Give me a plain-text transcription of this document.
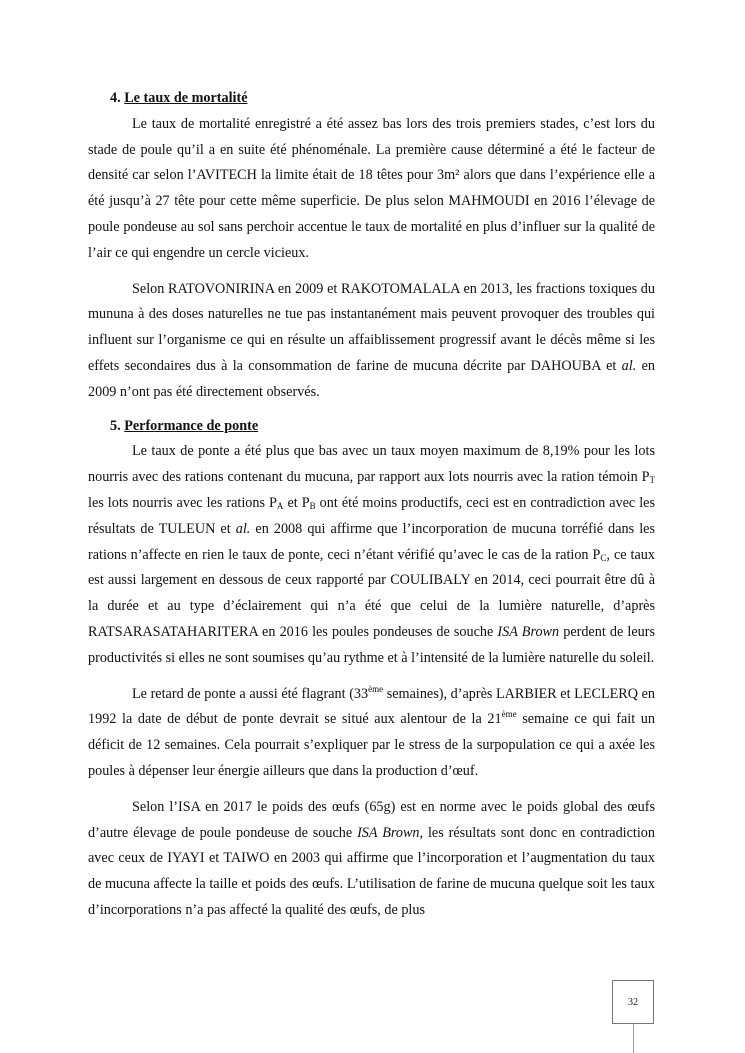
4. Le taux de mortalité

Le taux de mortalité enregistré a été assez bas lors des trois premiers stades, c’est lors du stade de poule qu’il a en suite été phénoménale. La première cause déterminé a été le facteur de densité car selon l’AVITECH la limite était de 18 têtes pour 3m² alors que dans l’expérience elle a été jusqu’à 27 tête pour cette même superficie. De plus selon MAHMOUDI en 2016 l’élevage de poule pondeuse au sol sans perchoir accentue le taux de mortalité en plus d’influer sur la qualité de l’air ce qui engendre un cercle vicieux.

Selon RATOVONIRINA en 2009 et RAKOTOMALALA en 2013, les fractions toxiques du mununa à des doses naturelles ne tue pas instantanément mais peuvent provoquer des troubles qui influent sur l’organisme ce qui en résulte un affaiblissement progressif avant le décès même si les effets secondaires dus à la consommation de farine de mucuna décrite par DAHOUBA et al. en 2009 n’ont pas été directement observés.

5. Performance de ponte

Le taux de ponte a été plus que bas avec un taux moyen maximum de 8,19% pour les lots nourris avec des rations contenant du mucuna, par rapport aux lots nourris avec la ration témoin $P_T$ les lots nourris avec les rations $P_A$ et $P_B$ ont été moins productifs, ceci est en contradiction avec les résultats de TULEUN et al. en 2008 qui affirme que l’incorporation de mucuna torréfié dans les rations n’affecte en rien le taux de ponte, ceci n’étant vérifié qu’avec le cas de la ration $P_C$, ce taux est aussi largement en dessous de ceux rapporté par COULIBALY en 2014, ceci pourrait être dû à la durée et au type d’éclairement qui n’a été que celui de la lumière naturelle, d’après RATSARASATAHARITERA en 2016 les poules pondeuses de souche ISA Brown perdent de leurs productivités si elles ne sont soumises qu’au rythme et à l’intensité de la lumière naturelle du soleil.

Le retard de ponte a aussi été flagrant (33ème semaines), d’après LARBIER et LECLERQ en 1992 la date de début de ponte devrait se situé aux alentour de la 21ème semaine ce qui fait un déficit de 12 semaines. Cela pourrait s’expliquer par le stress de la surpopulation ce qui a axée les poules à dépenser leur énergie ailleurs que dans la production d’œuf.

Selon l’ISA en 2017 le poids des œufs (65g) est en norme avec le poids global des œufs d’autre élevage de poule pondeuse de souche ISA Brown, les résultats sont donc en contradiction avec ceux de IYAYI et TAIWO en 2003 qui affirme que l’incorporation et l’augmentation du taux de mucuna affecte la taille et poids des œufs. L’utilisation de farine de mucuna quelque soit les taux d’incorporations n’a pas affecté la qualité des œufs, de plus

32
